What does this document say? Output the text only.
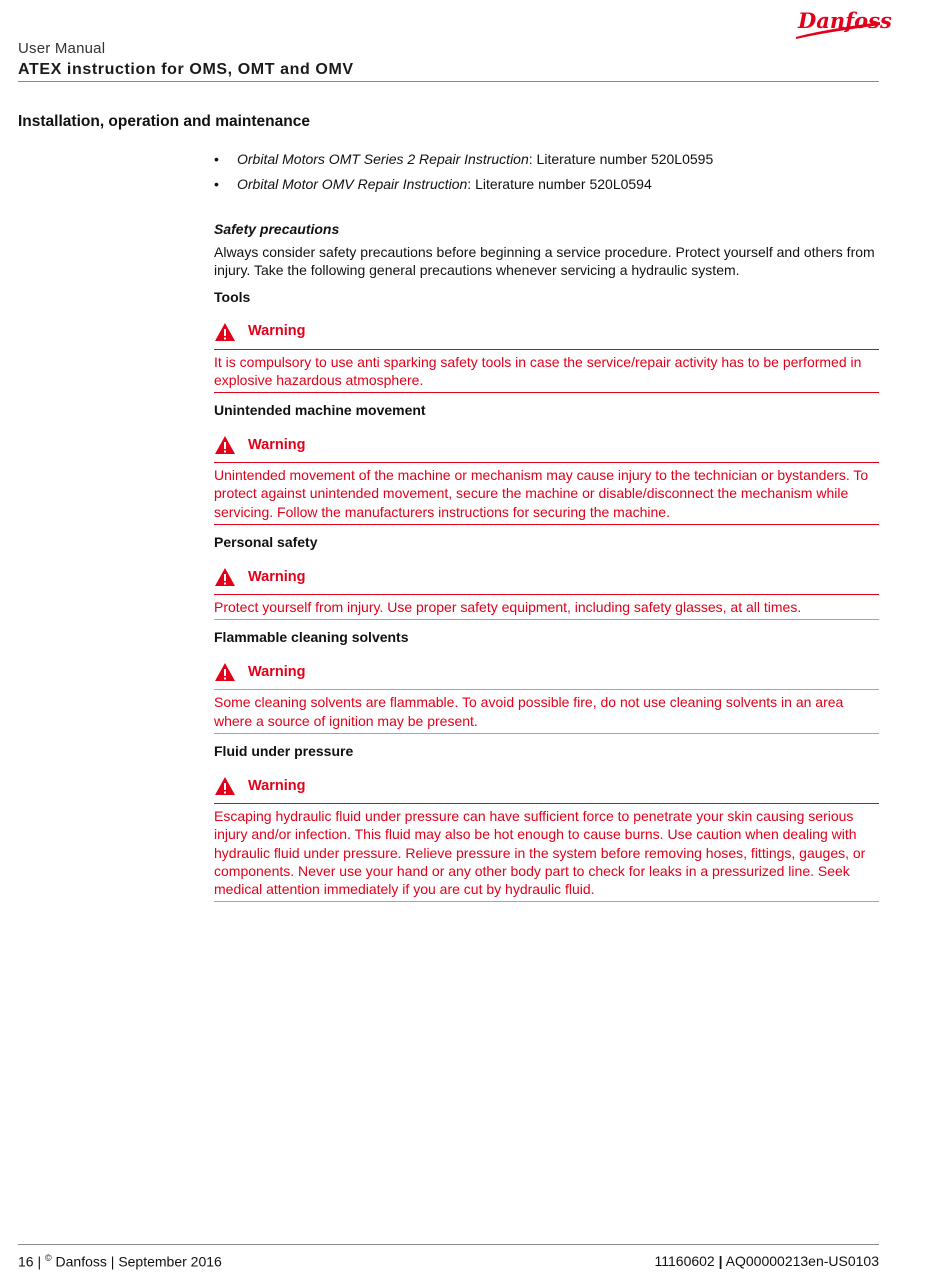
Danfoss
User Manual
ATEX instruction for OMS, OMT and OMV
Installation, operation and maintenance
• Orbital Motors OMT Series 2 Repair Instruction: Literature number 520L0595
• Orbital Motor OMV Repair Instruction: Literature number 520L0594
Safety precautions

Always consider safety precautions before beginning a service procedure. Protect yourself and others from injury. Take the following general precautions whenever servicing a hydraulic system.

Tools
Warning
It is compulsory to use anti sparking safety tools in case the service/repair activity has to be performed in explosive hazardous atmosphere.
Unintended machine movement
Warning
Unintended movement of the machine or mechanism may cause injury to the technician or bystanders. To protect against unintended movement, secure the machine or disable/disconnect the mechanism while servicing. Follow the manufacturers instructions for securing the machine.
Personal safety
Warning
Protect yourself from injury. Use proper safety equipment, including safety glasses, at all times.
Flammable cleaning solvents
Warning
Some cleaning solvents are flammable. To avoid possible fire, do not use cleaning solvents in an area where a source of ignition may be present.
Fluid under pressure
Warning
Escaping hydraulic fluid under pressure can have sufficient force to penetrate your skin causing serious injury and/or infection. This fluid may also be hot enough to cause burns. Use caution when dealing with hydraulic fluid under pressure. Relieve pressure in the system before removing hoses, fittings, gauges, or components. Never use your hand or any other body part to check for leaks in a pressurized line. Seek medical attention immediately if you are cut by hydraulic fluid.
16 | © Danfoss | September 2016	11160602 | AQ00000213en-US0103
